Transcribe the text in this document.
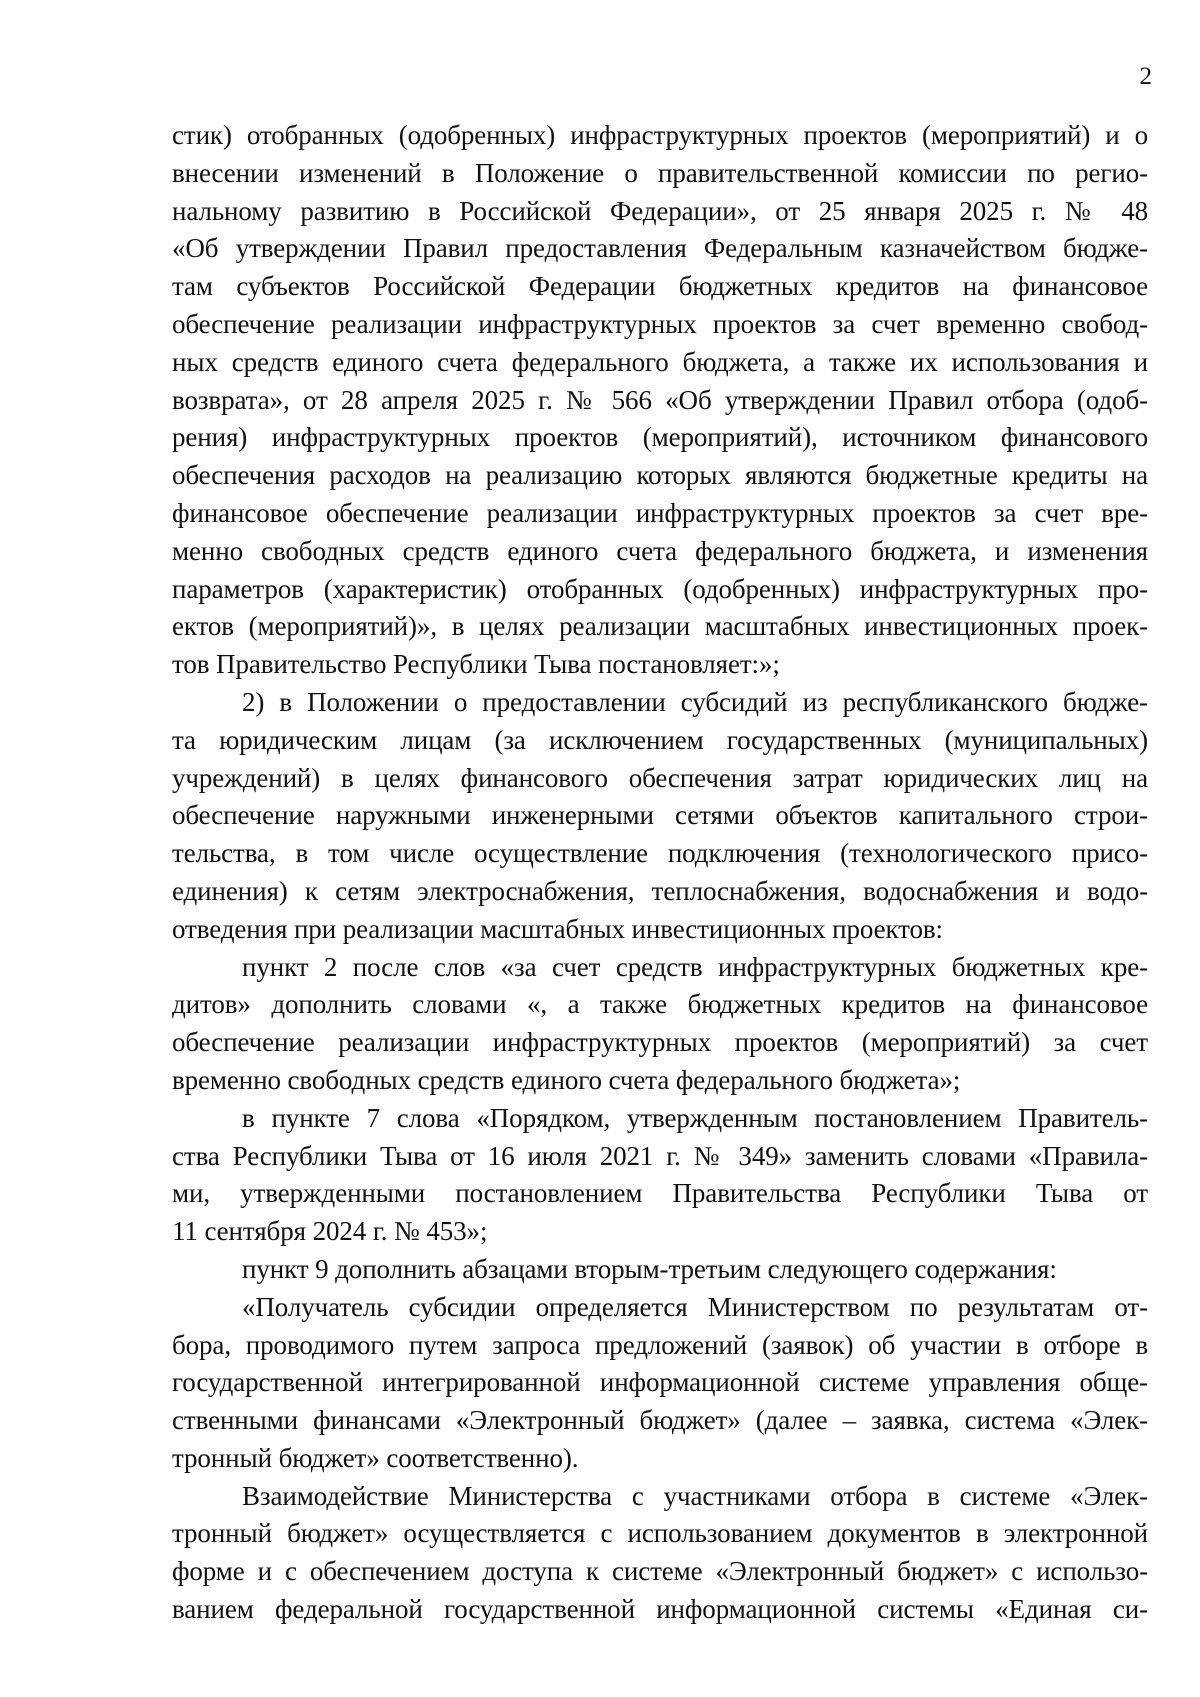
2
стик) отобранных (одобренных) инфраструктурных проектов (мероприятий) и о
внесении изменений в Положение о правительственной комиссии по регио-
нальному развитию в Российской Федерации», от 25 января 2025 г. № 48
«Об утверждении Правил предоставления Федеральным казначейством бюдже-
там субъектов Российской Федерации бюджетных кредитов на финансовое
обеспечение реализации инфраструктурных проектов за счет временно свобод-
ных средств единого счета федерального бюджета, а также их использования и
возврата», от 28 апреля 2025 г. № 566 «Об утверждении Правил отбора (одоб-
рения) инфраструктурных проектов (мероприятий), источником финансового
обеспечения расходов на реализацию которых являются бюджетные кредиты на
финансовое обеспечение реализации инфраструктурных проектов за счет вре-
менно свободных средств единого счета федерального бюджета, и изменения
параметров (характеристик) отобранных (одобренных) инфраструктурных про-
ектов (мероприятий)», в целях реализации масштабных инвестиционных проек-
тов Правительство Республики Тыва постановляет:»;
2) в Положении о предоставлении субсидий из республиканского бюдже-
та юридическим лицам (за исключением государственных (муниципальных)
учреждений) в целях финансового обеспечения затрат юридических лиц на
обеспечение наружными инженерными сетями объектов капитального строи-
тельства, в том числе осуществление подключения (технологического присо-
единения) к сетям электроснабжения, теплоснабжения, водоснабжения и водо-
отведения при реализации масштабных инвестиционных проектов:
пункт 2 после слов «за счет средств инфраструктурных бюджетных кре-
дитов» дополнить словами «, а также бюджетных кредитов на финансовое
обеспечение реализации инфраструктурных проектов (мероприятий) за счет
временно свободных средств единого счета федерального бюджета»;
в пункте 7 слова «Порядком, утвержденным постановлением Правитель-
ства Республики Тыва от 16 июля 2021 г. № 349» заменить словами «Правила-
ми, утвержденными постановлением Правительства Республики Тыва от
11 сентября 2024 г. № 453»;
пункт 9 дополнить абзацами вторым-третьим следующего содержания:
«Получатель субсидии определяется Министерством по результатам от-
бора, проводимого путем запроса предложений (заявок) об участии в отборе в
государственной интегрированной информационной системе управления обще-
ственными финансами «Электронный бюджет» (далее – заявка, система «Элек-
тронный бюджет» соответственно).
Взаимодействие Министерства с участниками отбора в системе «Элек-
тронный бюджет» осуществляется с использованием документов в электронной
форме и с обеспечением доступа к системе «Электронный бюджет» с использо-
ванием федеральной государственной информационной системы «Единая си-
